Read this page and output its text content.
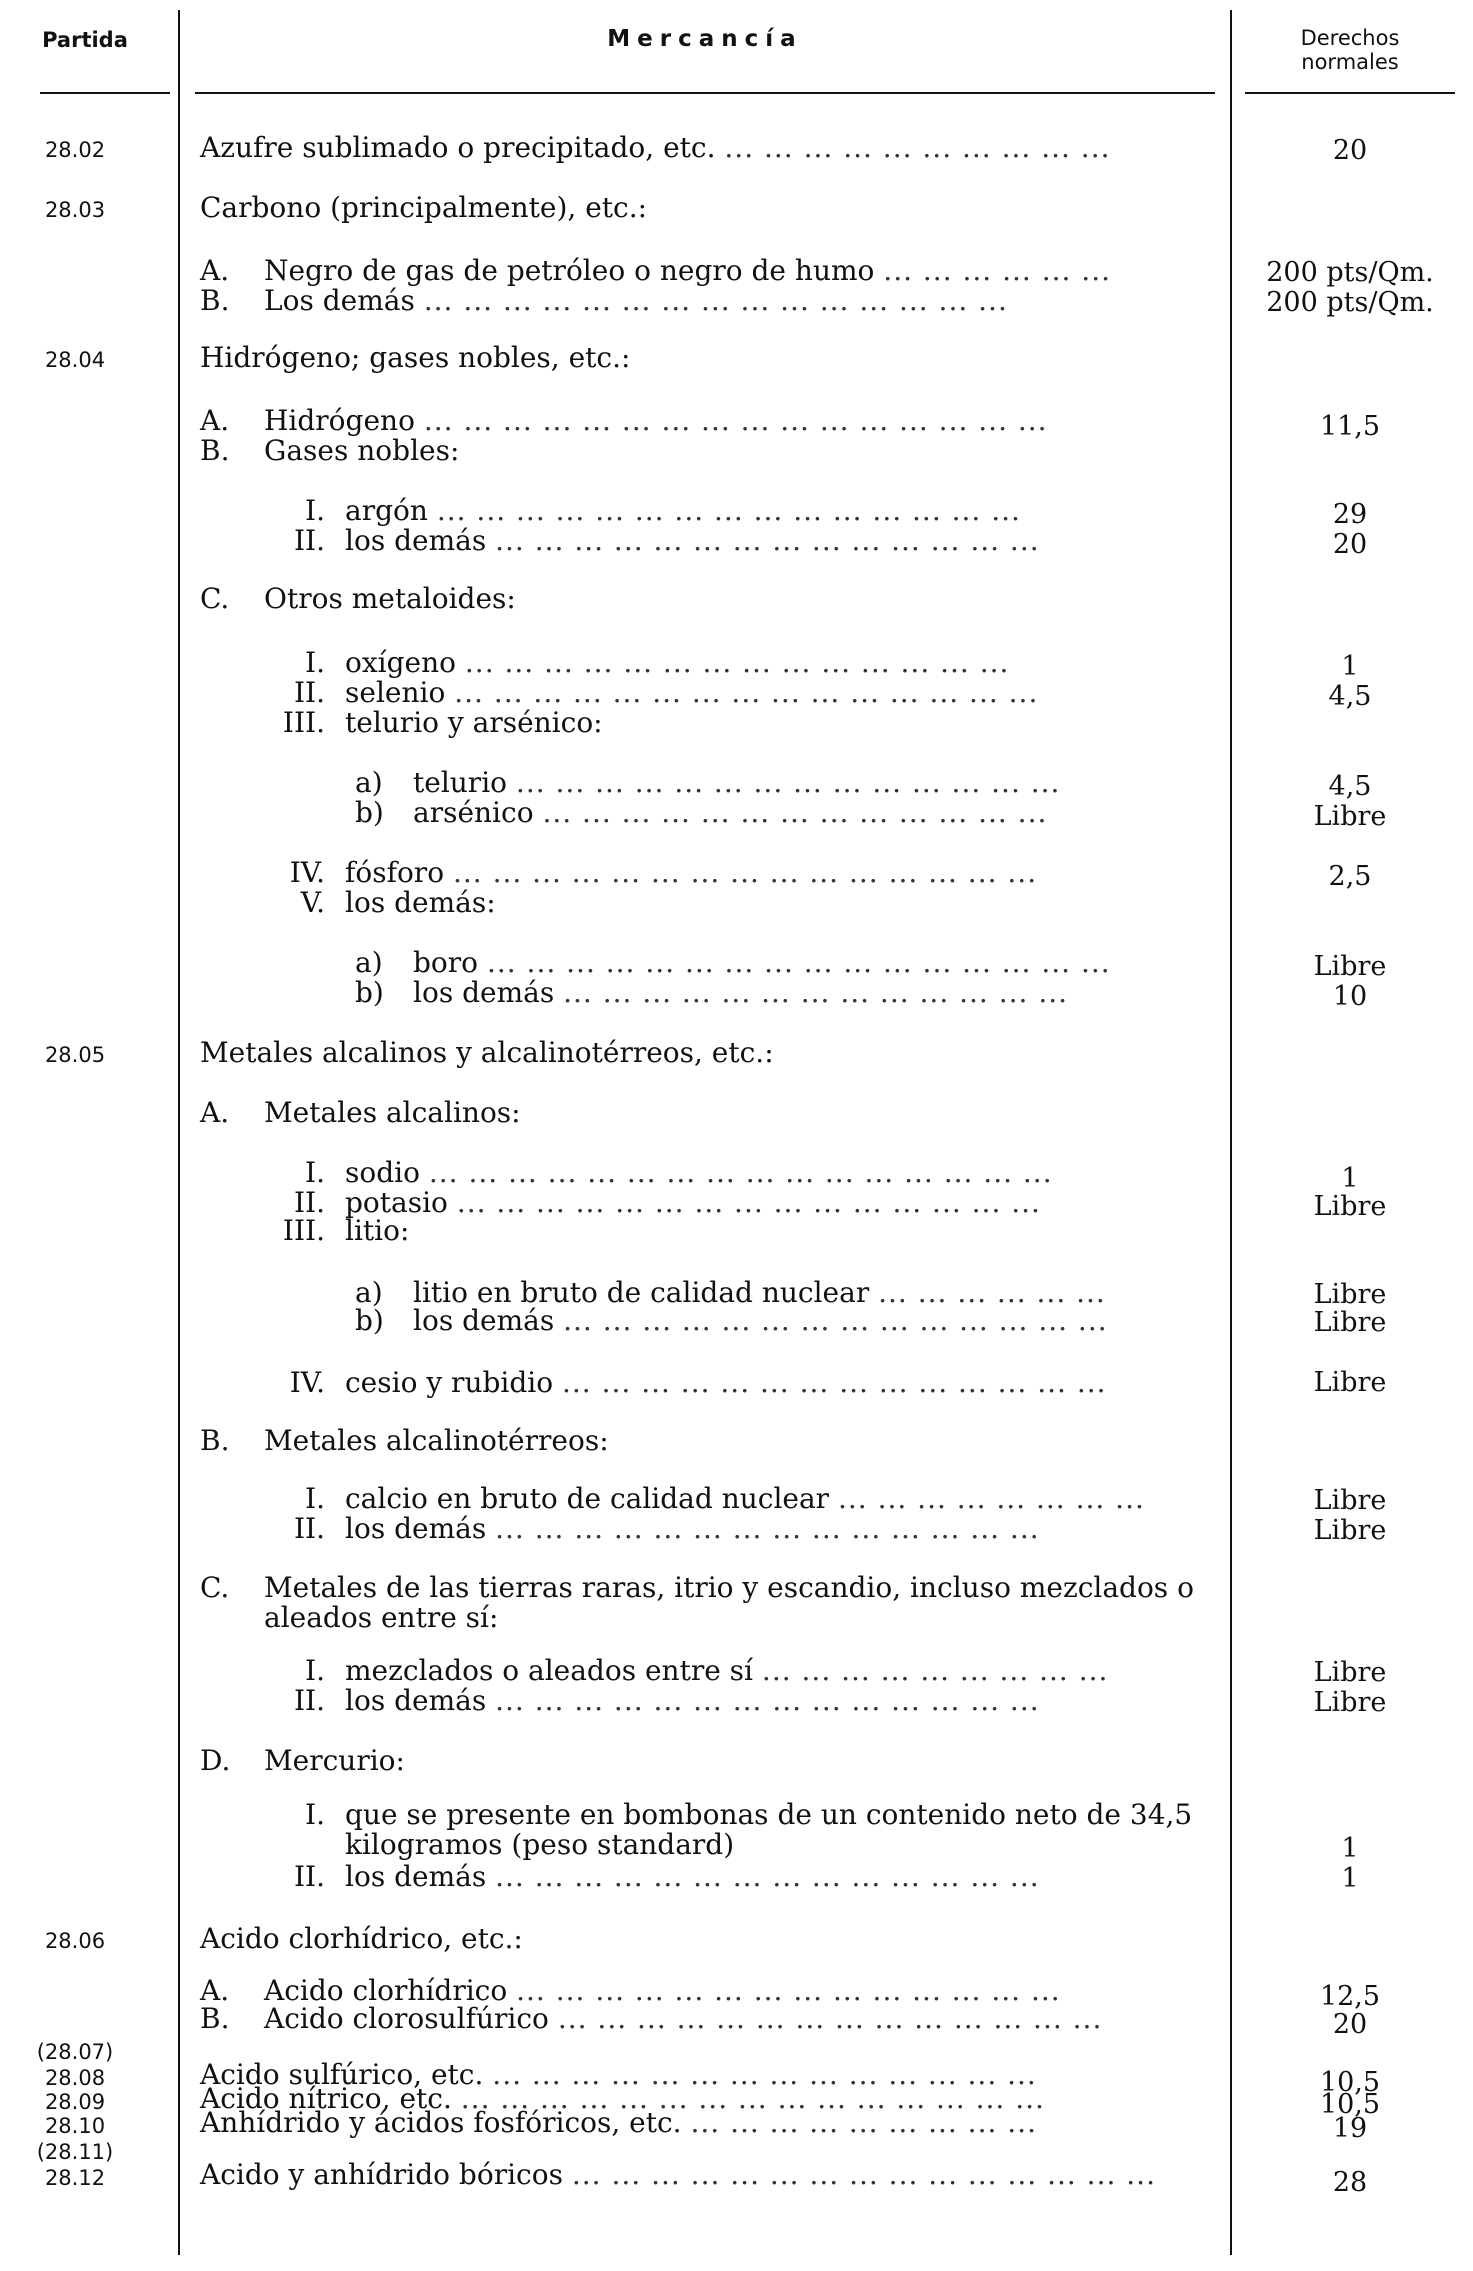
Partida	Mercancía	Derechos normales
28.02	Azufre sublimado o precipitado, etc. ... ... ... ... ... ... ... ... ... ...	20
28.03	Carbono (principalmente), etc.:
A. Negro de gas de petróleo o negro de humo ... ... ... ... ... ...	200 pts/Qm.
B. Los demás ... ... ... ... ... ... ... ... ... ... ... ... ... ... ...	200 pts/Qm.
28.04	Hidrógeno; gases nobles, etc.:
A. Hidrógeno ... ... ... ... ... ... ... ... ... ... ... ... ... ... ... ...	11,5
B. Gases nobles:
I. argón ... ... ... ... ... ... ... ... ... ... ... ... ... ... ...	29
II. los demás ... ... ... ... ... ... ... ... ... ... ... ... ... ...	20
C. Otros metaloides:
I. oxígeno ... ... ... ... ... ... ... ... ... ... ... ... ... ...	1
II. selenio ... ... ... ... ... ... ... ... ... ... ... ... ... ... ...	4,5
III. telurio y arsénico:
a) telurio ... ... ... ... ... ... ... ... ... ... ... ... ... ...	4,5
b) arsénico ... ... ... ... ... ... ... ... ... ... ... ... ...	Libre
IV. fósforo ... ... ... ... ... ... ... ... ... ... ... ... ... ... ...	2,5
V. los demás:
a) boro ... ... ... ... ... ... ... ... ... ... ... ... ... ... ... ...	Libre
b) los demás ... ... ... ... ... ... ... ... ... ... ... ... ...	10
28.05	Metales alcalinos y alcalinotérreos, etc.:
A. Metales alcalinos:
I. sodio ... ... ... ... ... ... ... ... ... ... ... ... ... ... ... ...	1
II. potasio ... ... ... ... ... ... ... ... ... ... ... ... ... ... ...	Libre
III. litio:
a) litio en bruto de calidad nuclear ... ... ... ... ... ...	Libre
b) los demás ... ... ... ... ... ... ... ... ... ... ... ... ... ...	Libre
IV. cesio y rubidio ... ... ... ... ... ... ... ... ... ... ... ... ... ...	Libre
B. Metales alcalinotérreos:
I. calcio en bruto de calidad nuclear ... ... ... ... ... ... ... ...	Libre
II. los demás ... ... ... ... ... ... ... ... ... ... ... ... ... ...	Libre
C. Metales de las tierras raras, itrio y escandio, incluso mezclados o aleados entre sí:
I. mezclados o aleados entre sí ... ... ... ... ... ... ... ... ...	Libre
II. los demás ... ... ... ... ... ... ... ... ... ... ... ... ... ...	Libre
D. Mercurio:
I. que se presente en bombonas de un contenido neto de 34,5 kilogramos (peso standard)	1
II. los demás ... ... ... ... ... ... ... ... ... ... ... ... ... ...	1
28.06	Acido clorhídrico, etc.:
A. Acido clorhídrico ... ... ... ... ... ... ... ... ... ... ... ... ... ...	12,5
B. Acido clorosulfúrico ... ... ... ... ... ... ... ... ... ... ... ... ... ...	20
(28.07)
28.08	Acido sulfúrico, etc. ... ... ... ... ... ... ... ... ... ... ... ... ... ...	10,5
28.09	Acido nítrico, etc. ... ... ... ... ... ... ... ... ... ... ... ... ... ... ...	10,5
28.10	Anhídrido y ácidos fosfóricos, etc. ... ... ... ... ... ... ... ... ...	19
(28.11)
28.12	Acido y anhídrido bóricos ... ... ... ... ... ... ... ... ... ... ... ... ... ... ...	28
